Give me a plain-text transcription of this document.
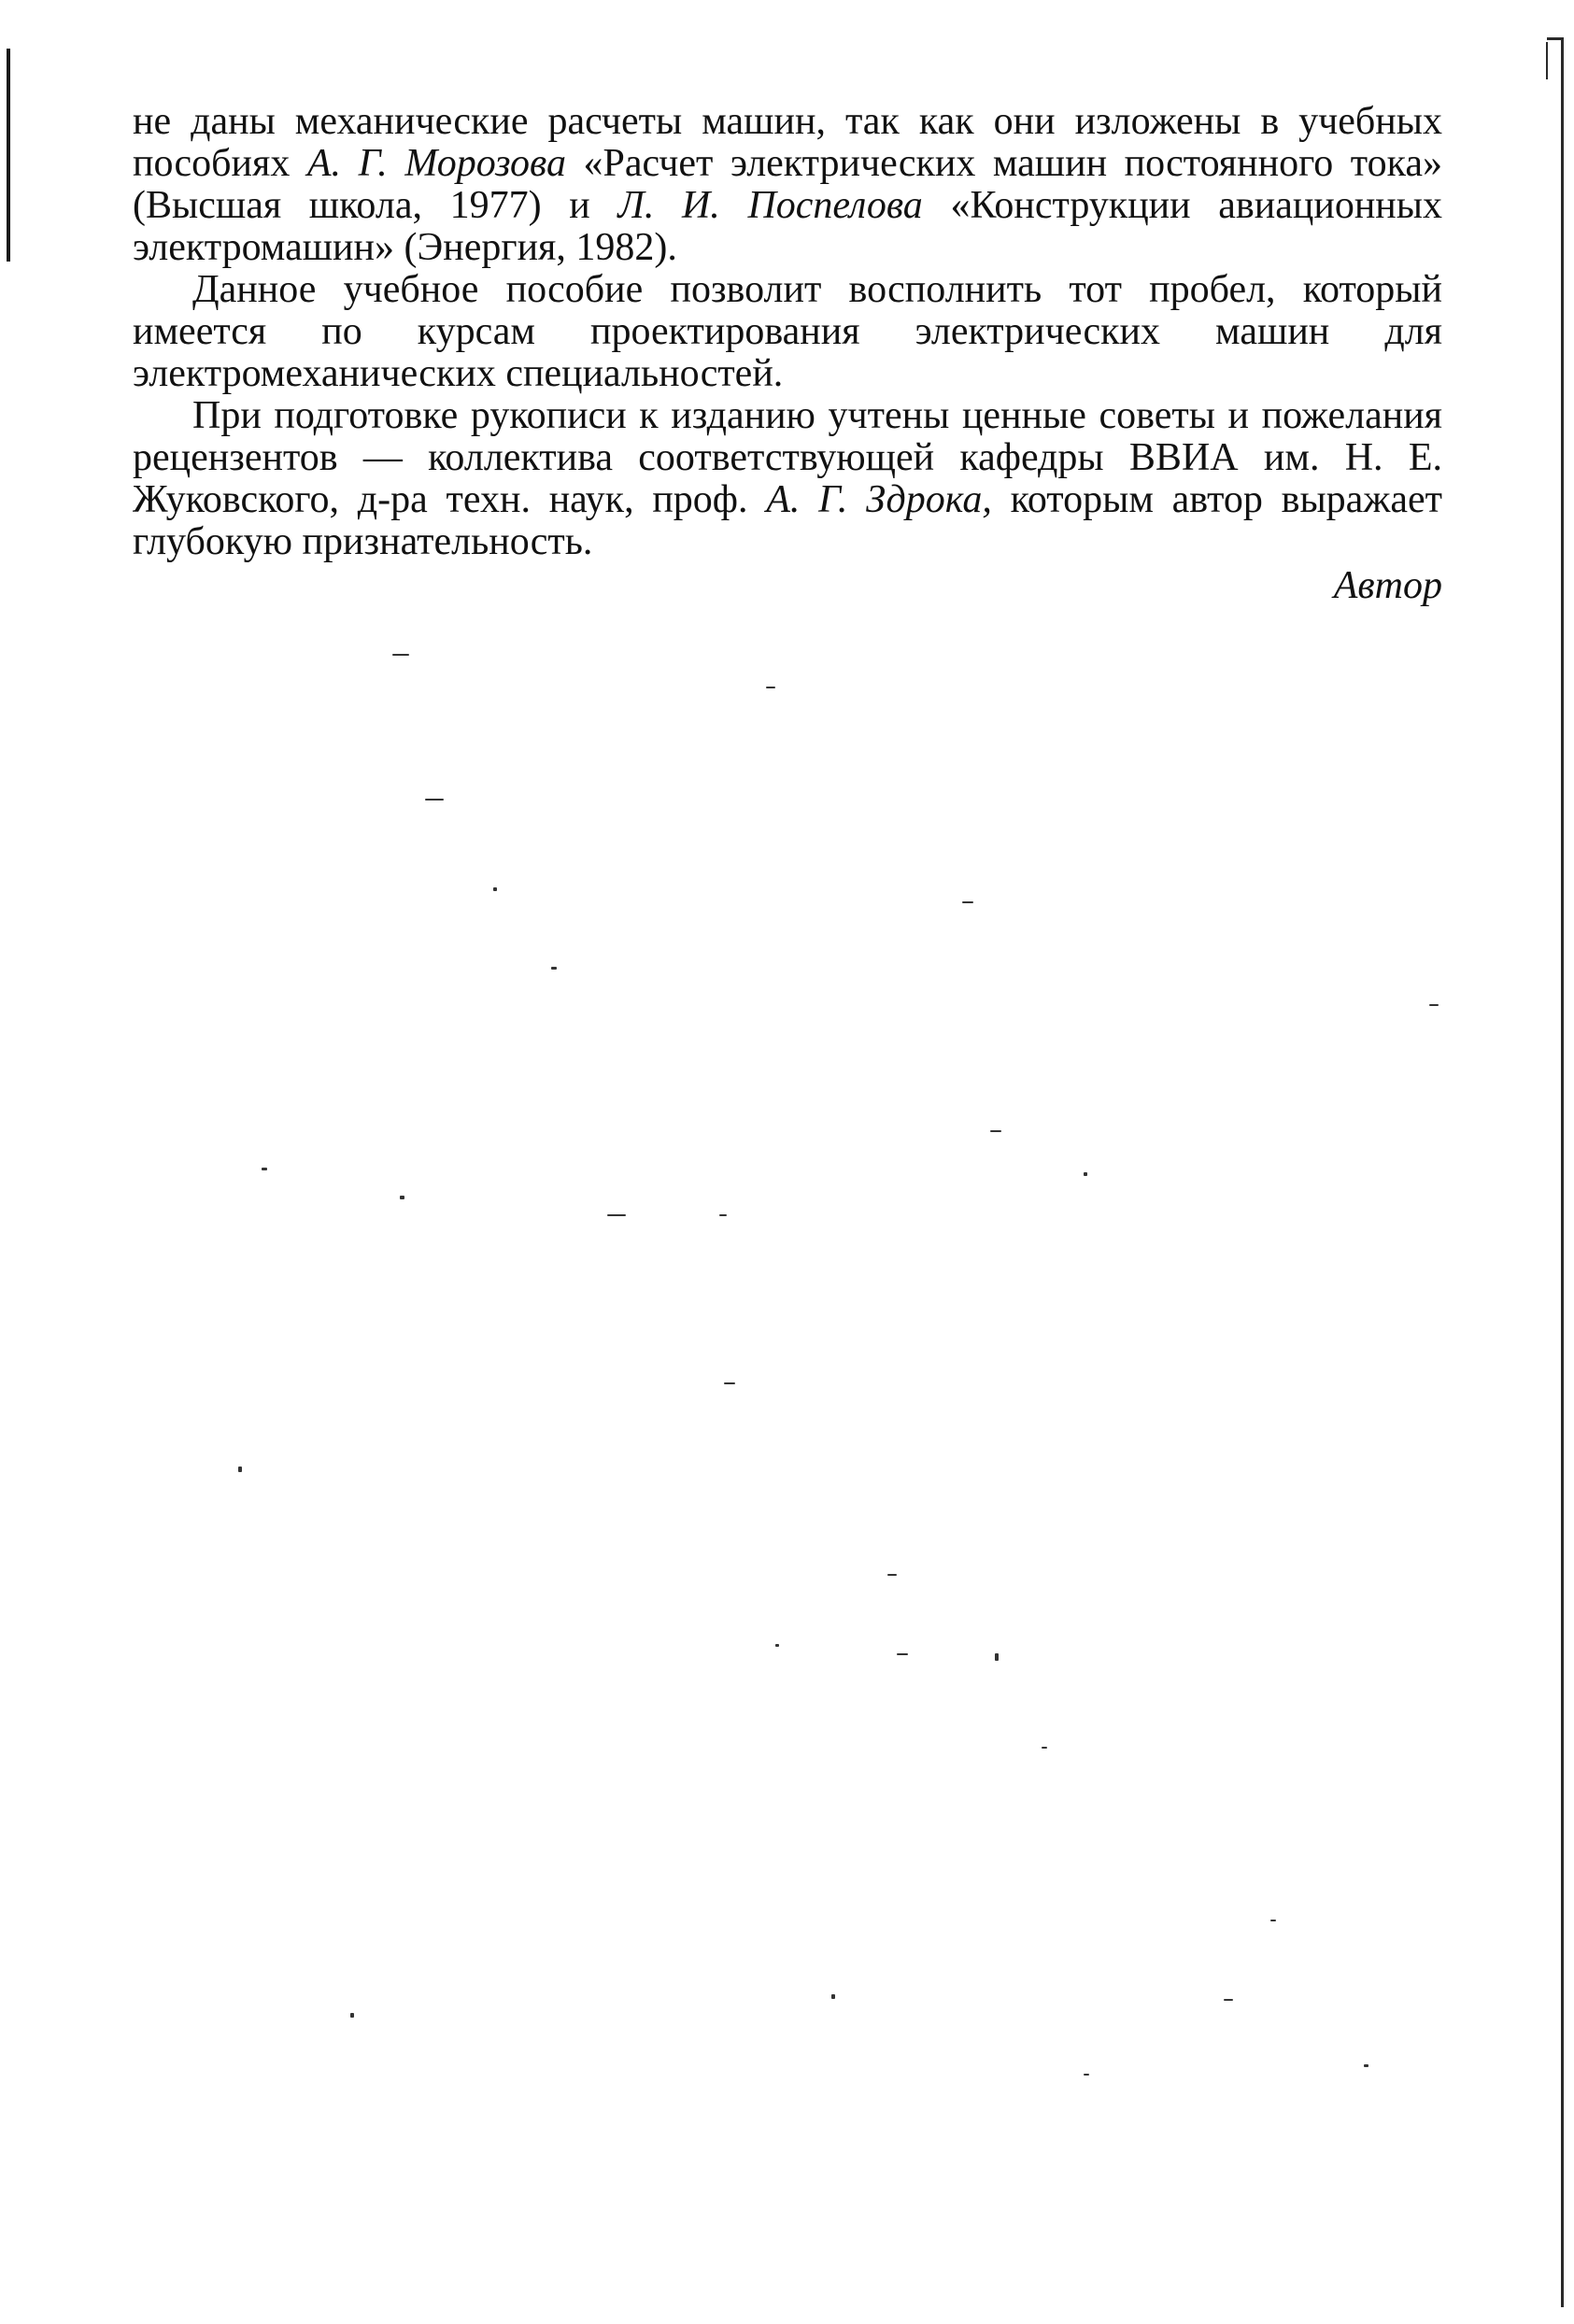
не даны механические расчеты машин, так как они изложены в учебных пособиях А. Г. Морозова «Расчет электрических машин постоянного тока» (Высшая школа, 1977) и Л. И. Поспелова «Конструкции авиационных электромашин» (Энергия, 1982).

Данное учебное пособие позволит восполнить тот пробел, который имеется по курсам проектирования электрических машин для электромеханических специальностей.

При подготовке рукописи к изданию учтены ценные советы и пожелания рецензентов — коллектива соответствующей кафедры ВВИА им. Н. Е. Жуковского, д-ра техн. наук, проф. А. Г. Здрока, которым автор выражает глубокую признательность.

Автор
